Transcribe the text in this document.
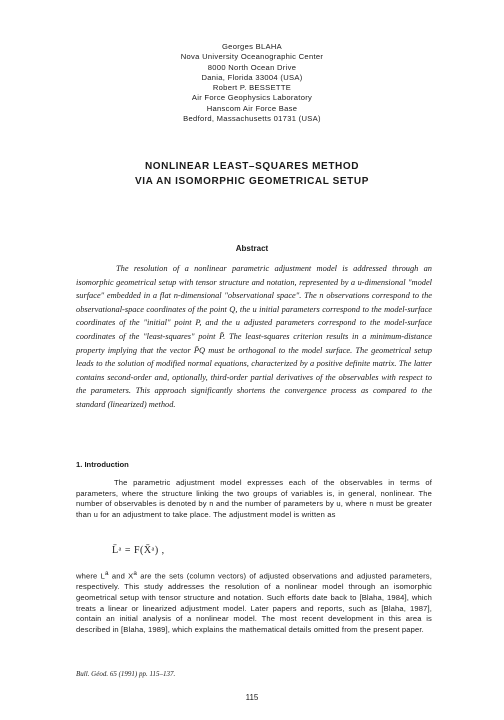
Georges BLAHA
Nova University Oceanographic Center
8000 North Ocean Drive
Dania, Florida 33004 (USA)
Robert P. BESSETTE
Air Force Geophysics Laboratory
Hanscom Air Force Base
Bedford, Massachusetts 01731 (USA)
NONLINEAR LEAST–SQUARES METHOD
VIA AN ISOMORPHIC GEOMETRICAL SETUP
Abstract

The resolution of a nonlinear parametric adjustment model is addressed through an isomorphic geometrical setup with tensor structure and notation, represented by a u-dimensional "model surface" embedded in a flat n-dimensional "observational space". The n observations correspond to the observational-space coordinates of the point Q, the u initial parameters correspond to the model-surface coordinates of the "initial" point P, and the u adjusted parameters correspond to the model-surface coordinates of the "least-squares" point P̄. The least-squares criterion results in a minimum-distance property implying that the vector P̄Q must be orthogonal to the model surface. The geometrical setup leads to the solution of modified normal equations, characterized by a positive definite matrix. The latter contains second-order and, optionally, third-order partial derivatives of the observables with respect to the parameters. This approach significantly shortens the convergence process as compared to the standard (linearized) method.

1. Introduction

The parametric adjustment model expresses each of the observables in terms of parameters, where the structure linking the two groups of variables is, in general, nonlinear. The number of observables is denoted by n and the number of parameters by u, where n must be greater than u for an adjustment to take place. The adjustment model is written as

L̄ᵃ = F(X̄ᵃ) ,

where $L^a$ and $X^a$ are the sets (column vectors) of adjusted observations and adjusted parameters, respectively. This study addresses the resolution of a nonlinear model through an isomorphic geometrical setup with tensor structure and notation. Such efforts date back to [Blaha, 1984], which treats a linear or linearized adjustment model. Later papers and reports, such as [Blaha, 1987], contain an initial analysis of a nonlinear model. The most recent development in this area is described in [Blaha, 1989], which explains the mathematical details omitted from the present paper.

Bull. Géod. 65 (1991) pp. 115–137.
115
